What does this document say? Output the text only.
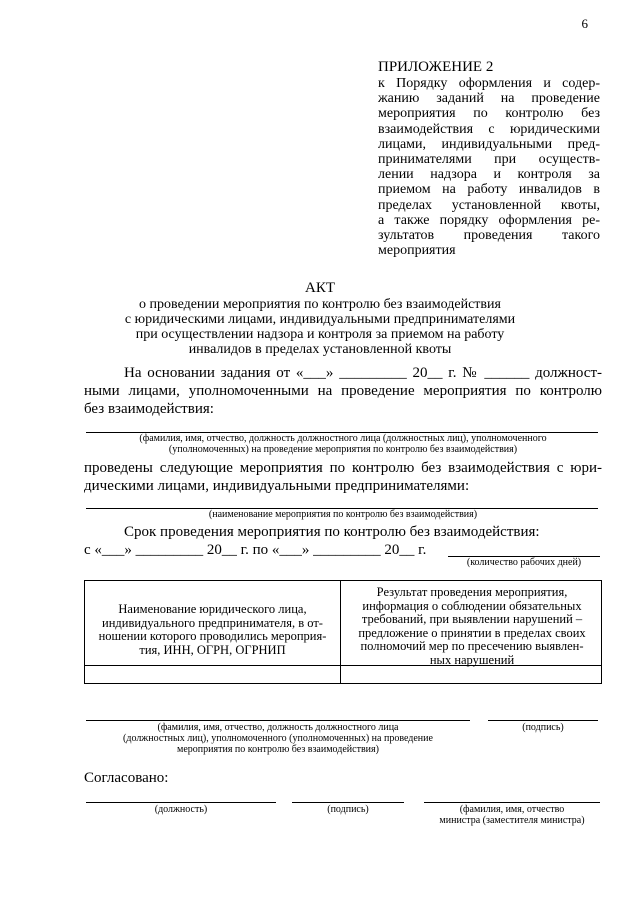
6
ПРИЛОЖЕНИЕ 2
к Порядку оформления и содер-
жанию заданий на проведение
мероприятия по контролю без
взаимодействия с юридическими
лицами, индивидуальными пред-
принимателями при осуществ-
лении надзора и контроля за
приемом на работу инвалидов в
пределах установленной квоты,
а также порядку оформления ре-
зультатов проведения такого
мероприятия
АКТ
о проведении мероприятия по контролю без взаимодействия
с юридическими лицами, индивидуальными предпринимателями
при осуществлении надзора и контроля за приемом на работу
инвалидов в пределах установленной квоты
На основании задания от «___» _________ 20__ г. № ______ должност-
ными лицами, уполномоченными на проведение мероприятия по контролю
без взаимодействия:
(фамилия, имя, отчество, должность должностного лица (должностных лиц), уполномоченного
(уполномоченных) на проведение мероприятия по контролю без взаимодействия)
проведены следующие мероприятия по контролю без взаимодействия с юри-
дическими лицами, индивидуальными предпринимателями:
(наименование мероприятия по контролю без взаимодействия)
Срок проведения мероприятия по контролю без взаимодействия:
с «___» _________ 20__ г. по «___» _________ 20__ г.
(количество рабочих дней)
Наименование юридического лица,
индивидуального предпринимателя, в от-
ношении которого проводились мероприя-
тия, ИНН, ОГРН, ОГРНИП
Результат проведения мероприятия,
информация о соблюдении обязательных
требований, при выявлении нарушений –
предложение о принятии в пределах своих
полномочий мер по пресечению выявлен-
ных нарушений
(фамилия, имя, отчество, должность должностного лица
(должностных лиц), уполномоченного (уполномоченных) на проведение
мероприятия по контролю без взаимодействия)
(подпись)
Согласовано:
(должность)	(подпись)	(фамилия, имя, отчество
министра (заместителя министра)
